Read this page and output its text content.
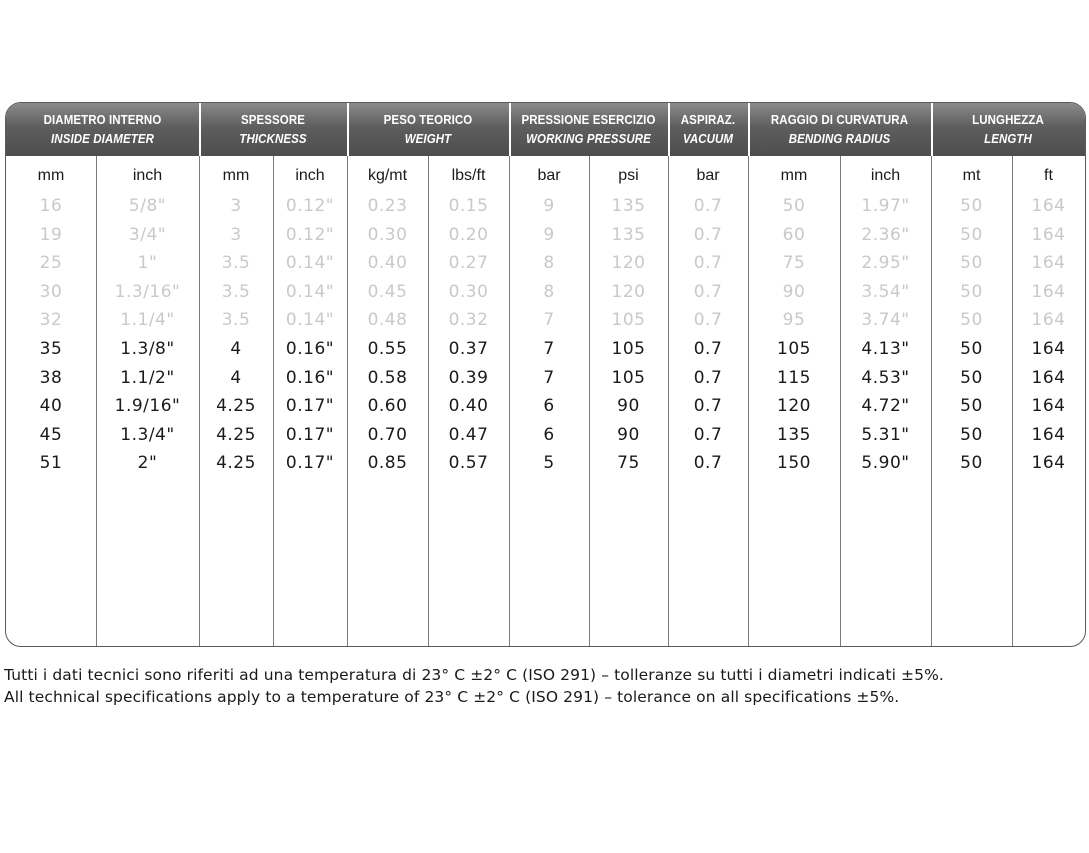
DIAMETRO INTERNO
INSIDE DIAMETER
SPESSORE
THICKNESS
PESO TEORICO
WEIGHT
PRESSIONE ESERCIZIO
WORKING PRESSURE
ASPIRAZ.
VACUUM
RAGGIO DI CURVATURA
BENDING RADIUS
LUNGHEZZA
LENGTH
mm	inch	mm	inch	kg/mt	lbs/ft	bar	psi	bar	mm	inch	mt	ft
16	5/8"	3	0.12"	0.23	0.15	9	135	0.7	50	1.97"	50	164
19	3/4"	3	0.12"	0.30	0.20	9	135	0.7	60	2.36"	50	164
25	1"	3.5	0.14"	0.40	0.27	8	120	0.7	75	2.95"	50	164
30	1.3/16"	3.5	0.14"	0.45	0.30	8	120	0.7	90	3.54"	50	164
32	1.1/4"	3.5	0.14"	0.48	0.32	7	105	0.7	95	3.74"	50	164
35	1.3/8"	4	0.16"	0.55	0.37	7	105	0.7	105	4.13"	50	164
38	1.1/2"	4	0.16"	0.58	0.39	7	105	0.7	115	4.53"	50	164
40	1.9/16"	4.25	0.17"	0.60	0.40	6	90	0.7	120	4.72"	50	164
45	1.3/4"	4.25	0.17"	0.70	0.47	6	90	0.7	135	5.31"	50	164
51	2"	4.25	0.17"	0.85	0.57	5	75	0.7	150	5.90"	50	164
Tutti i dati tecnici sono riferiti ad una temperatura di 23° C ±2° C (ISO 291) – tolleranze su tutti i diametri indicati ±5%.
All technical specifications apply to a temperature of 23° C ±2° C (ISO 291) – tolerance on all specifications ±5%.
